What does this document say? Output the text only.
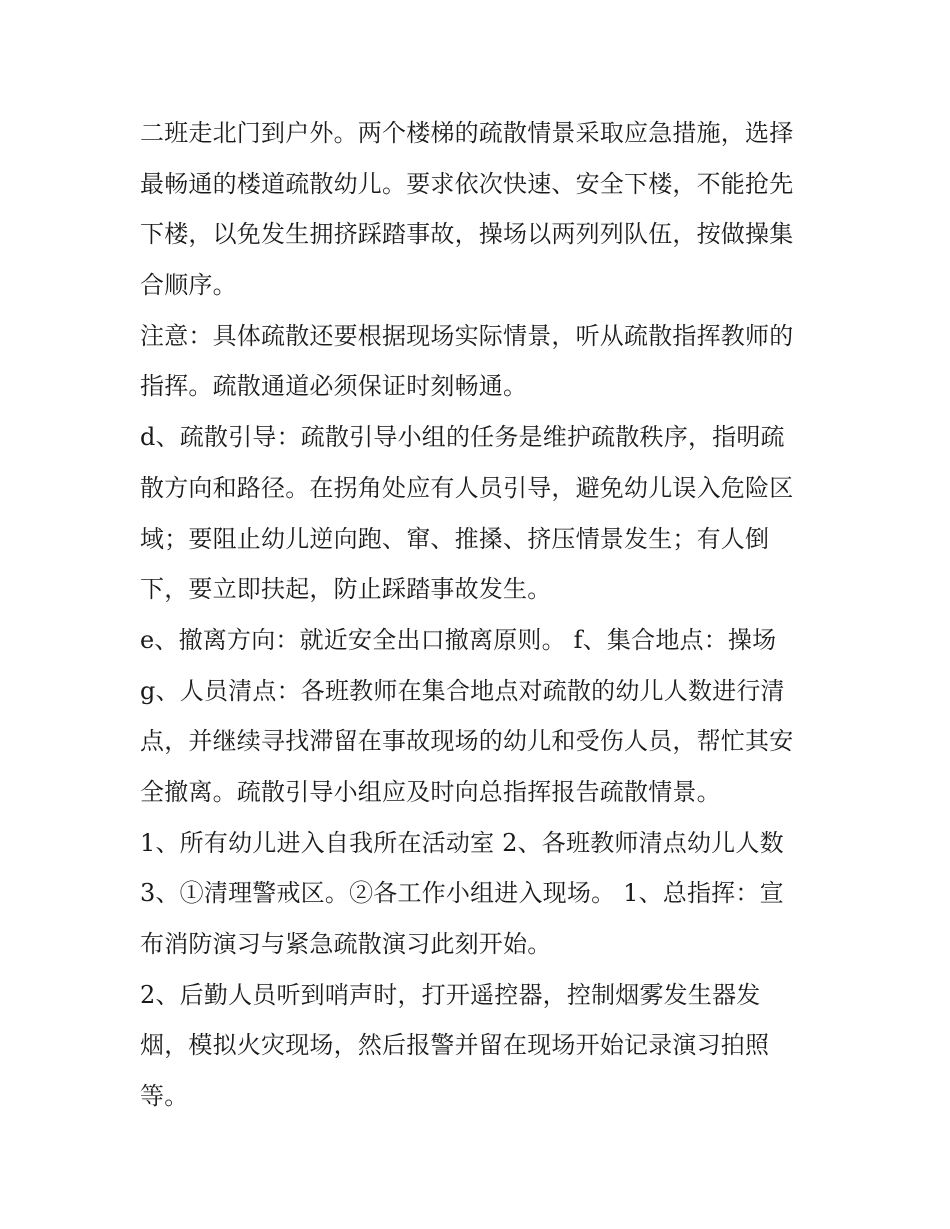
二班走北门到户外。两个楼梯的疏散情景采取应急措施，选择
最畅通的楼道疏散幼儿。要求依次快速、安全下楼，不能抢先
下楼，以免发生拥挤踩踏事故，操场以两列列队伍，按做操集
合顺序。
注意：具体疏散还要根据现场实际情景，听从疏散指挥教师的
指挥。疏散通道必须保证时刻畅通。
d、疏散引导：疏散引导小组的任务是维护疏散秩序，指明疏
散方向和路径。在拐角处应有人员引导，避免幼儿误入危险区
域；要阻止幼儿逆向跑、窜、推搡、挤压情景发生；有人倒
下，要立即扶起，防止踩踏事故发生。
e、撤离方向：就近安全出口撤离原则。 f、集合地点：操场
g、人员清点：各班教师在集合地点对疏散的幼儿人数进行清
点，并继续寻找滞留在事故现场的幼儿和受伤人员，帮忙其安
全撤离。疏散引导小组应及时向总指挥报告疏散情景。
1、所有幼儿进入自我所在活动室 2、各班教师清点幼儿人数
3、①清理警戒区。②各工作小组进入现场。 1、总指挥：宣
布消防演习与紧急疏散演习此刻开始。
2、后勤人员听到哨声时，打开遥控器，控制烟雾发生器发
烟，模拟火灾现场，然后报警并留在现场开始记录演习拍照
等。
